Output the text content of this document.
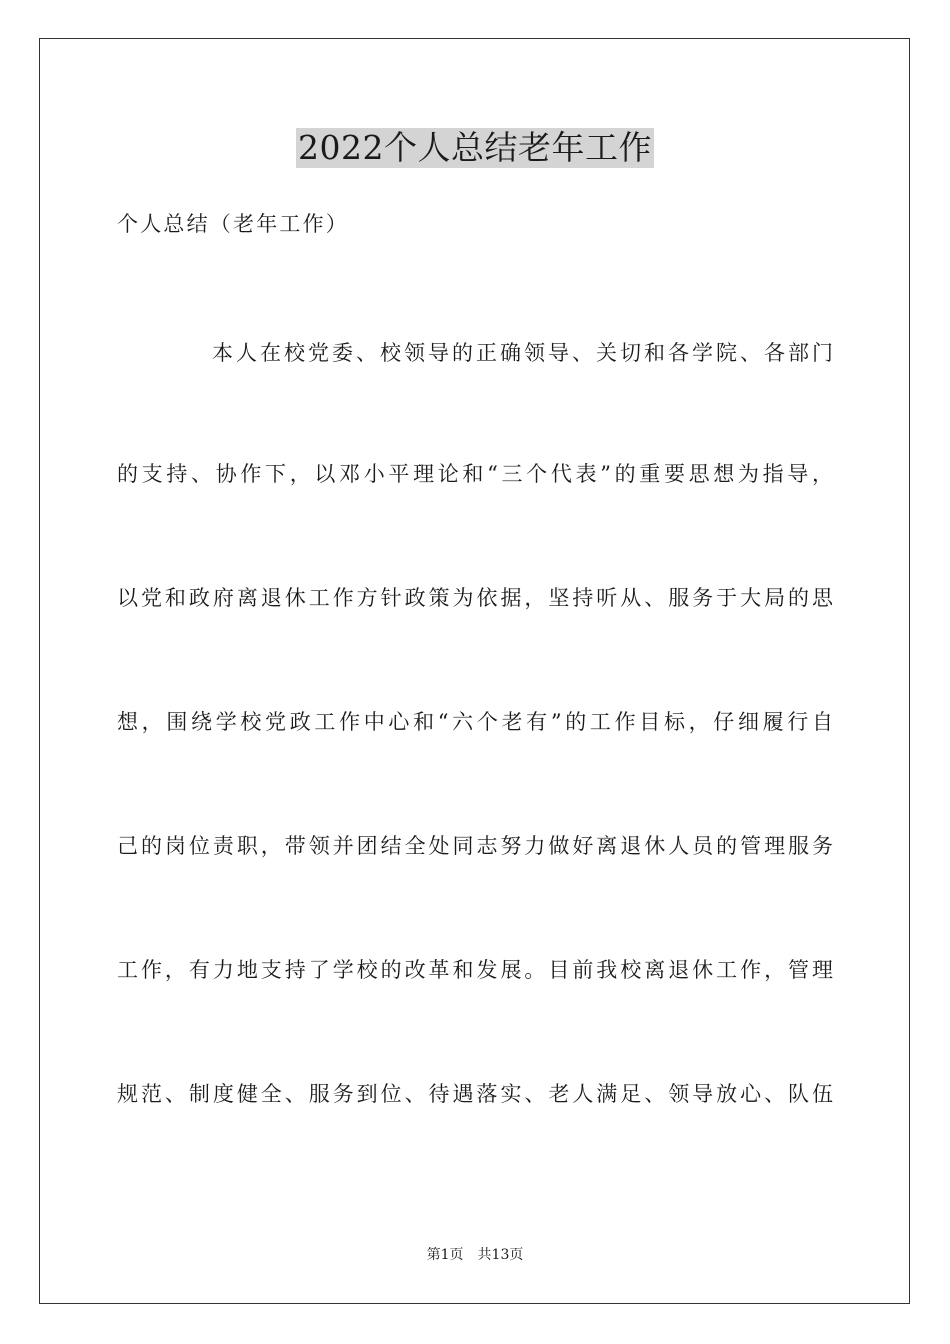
2022个人总结老年工作

个人总结（老年工作）

本人在校党委、校领导的正确领导、关切和各学院、各部门

的支持、协作下，以邓小平理论和“三个代表”的重要思想为指导，

以党和政府离退休工作方针政策为依据，坚持听从、服务于大局的思

想，围绕学校党政工作中心和“六个老有”的工作目标，仔细履行自

己的岗位责职，带领并团结全处同志努力做好离退休人员的管理服务

工作，有力地支持了学校的改革和发展。目前我校离退休工作，管理

规范、制度健全、服务到位、待遇落实、老人满足、领导放心、队伍

第1页　共13页
